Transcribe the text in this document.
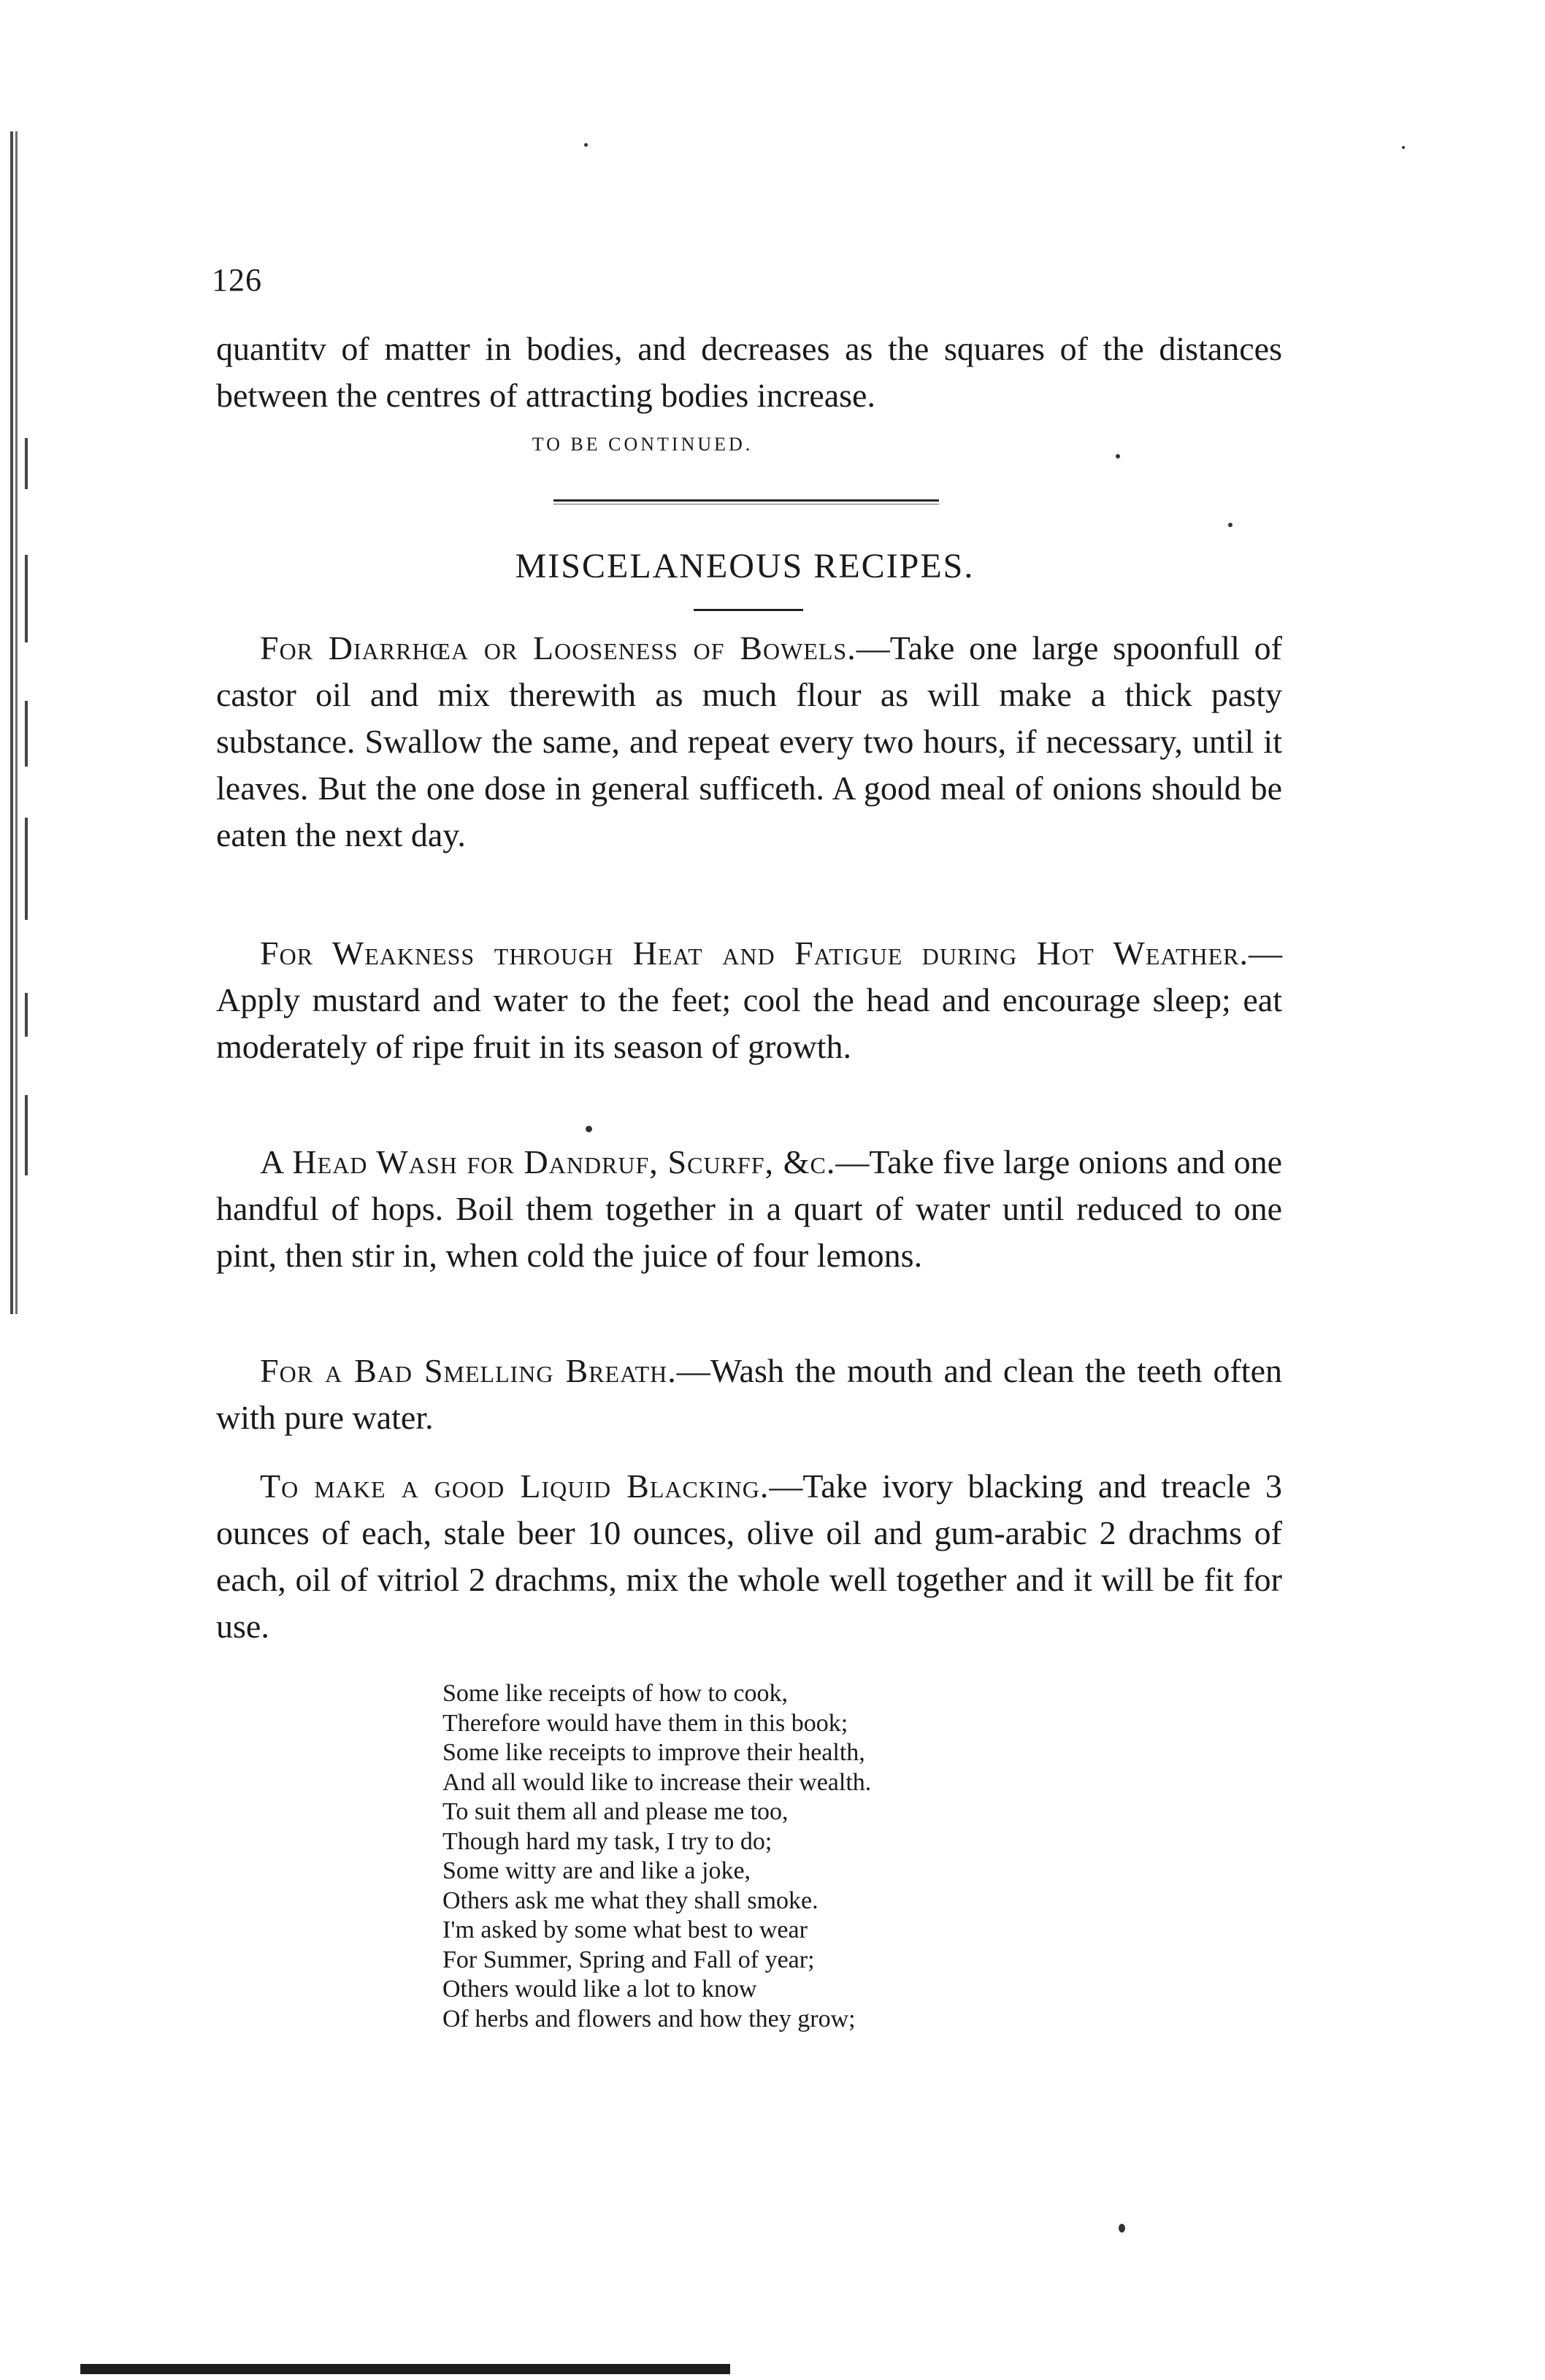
126

quantitv of matter in bodies, and decreases as the squares of the distances between the centres of attracting bodies increase.

TO BE CONTINUED.
MISCELANEOUS RECIPES.

For Diarrhœa or Looseness of Bowels.—Take one large spoonfull of castor oil and mix therewith as much flour as will make a thick pasty substance. Swallow the same, and repeat every two hours, if necessary, until it leaves. But the one dose in general sufficeth. A good meal of onions should be eaten the next day.

For Weakness through Heat and Fatigue during Hot Weather.—Apply mustard and water to the feet; cool the head and encourage sleep; eat moderately of ripe fruit in its season of growth.

A Head Wash for Dandruf, Scurff, &c.—Take five large onions and one handful of hops. Boil them together in a quart of water until reduced to one pint, then stir in, when cold the juice of four lemons.

For a Bad Smelling Breath.—Wash the mouth and clean the teeth often with pure water.

To make a good Liquid Blacking.—Take ivory blacking and treacle 3 ounces of each, stale beer 10 ounces, olive oil and gum-arabic 2 drachms of each, oil of vitriol 2 drachms, mix the whole well together and it will be fit for use.

Some like receipts of how to cook,
Therefore would have them in this book;
Some like receipts to improve their health,
And all would like to increase their wealth.
To suit them all and please me too,
Though hard my task, I try to do;
Some witty are and like a joke,
Others ask me what they shall smoke.
I'm asked by some what best to wear
For Summer, Spring and Fall of year;
Others would like a lot to know
Of herbs and flowers and how they grow;
